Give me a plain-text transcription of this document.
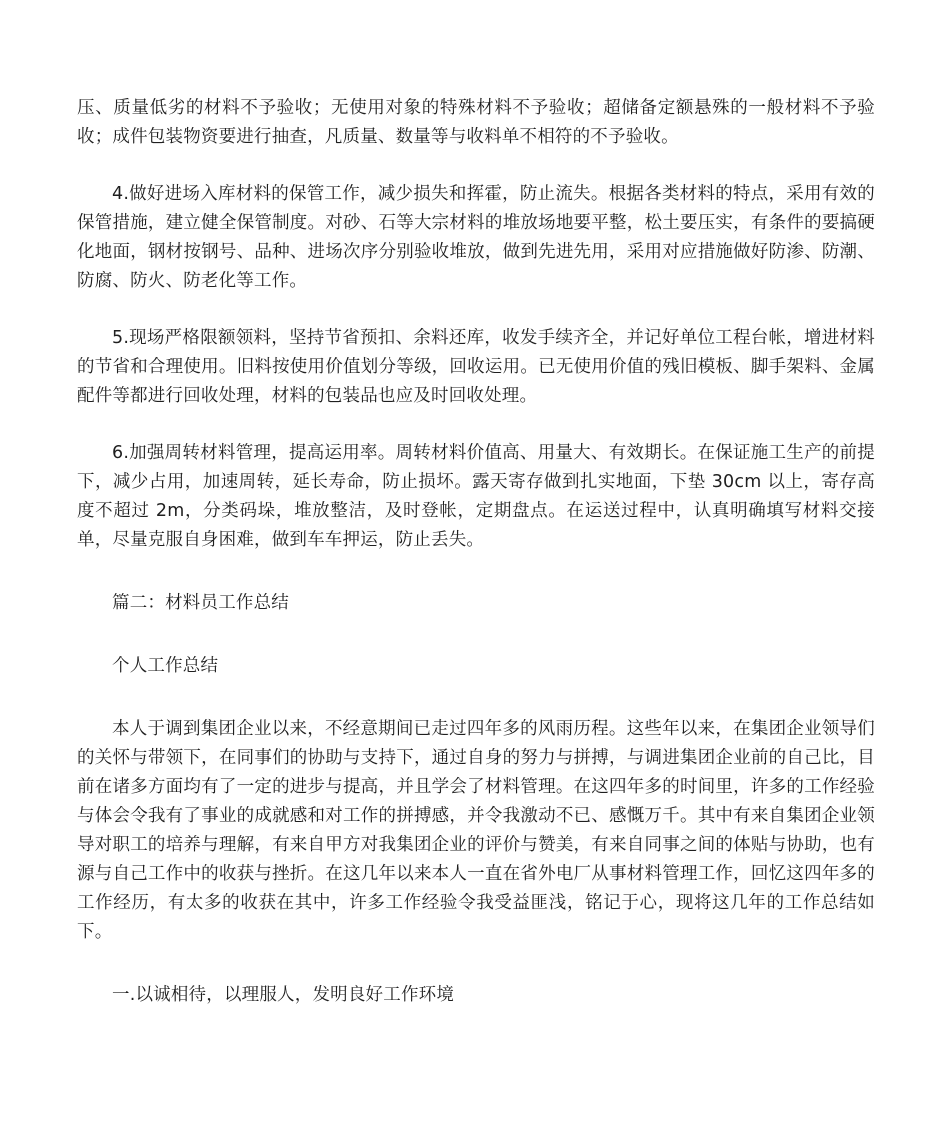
压、质量低劣的材料不予验收；无使用对象的特殊材料不予验收；超储备定额悬殊的一般材料不予验收；成件包装物资要进行抽查，凡质量、数量等与收料单不相符的不予验收。

4.做好进场入库材料的保管工作，减少损失和挥霍，防止流失。根据各类材料的特点，采用有效的保管措施，建立健全保管制度。对砂、石等大宗材料的堆放场地要平整，松土要压实，有条件的要搞硬化地面，钢材按钢号、品种、进场次序分别验收堆放，做到先进先用，采用对应措施做好防渗、防潮、防腐、防火、防老化等工作。

5.现场严格限额领料，坚持节省预扣、余料还库，收发手续齐全，并记好单位工程台帐，增进材料的节省和合理使用。旧料按使用价值划分等级，回收运用。已无使用价值的残旧模板、脚手架料、金属配件等都进行回收处理，材料的包装品也应及时回收处理。

6.加强周转材料管理，提高运用率。周转材料价值高、用量大、有效期长。在保证施工生产的前提下，减少占用，加速周转，延长寿命，防止损坏。露天寄存做到扎实地面，下垫 30cm 以上，寄存高度不超过 2m，分类码垛，堆放整洁，及时登帐，定期盘点。在运送过程中，认真明确填写材料交接单，尽量克服自身困难，做到车车押运，防止丢失。

篇二：材料员工作总结

个人工作总结

本人于调到集团企业以来，不经意期间已走过四年多的风雨历程。这些年以来，在集团企业领导们的关怀与带领下，在同事们的协助与支持下，通过自身的努力与拼搏，与调进集团企业前的自己比，目前在诸多方面均有了一定的进步与提高，并且学会了材料管理。在这四年多的时间里，许多的工作经验与体会令我有了事业的成就感和对工作的拼搏感，并令我激动不已、感慨万千。其中有来自集团企业领导对职工的培养与理解，有来自甲方对我集团企业的评价与赞美，有来自同事之间的体贴与协助，也有源与自己工作中的收获与挫折。在这几年以来本人一直在省外电厂从事材料管理工作，回忆这四年多的工作经历，有太多的收获在其中，许多工作经验令我受益匪浅，铭记于心，现将这几年的工作总结如下。

一.以诚相待，以理服人，发明良好工作环境
